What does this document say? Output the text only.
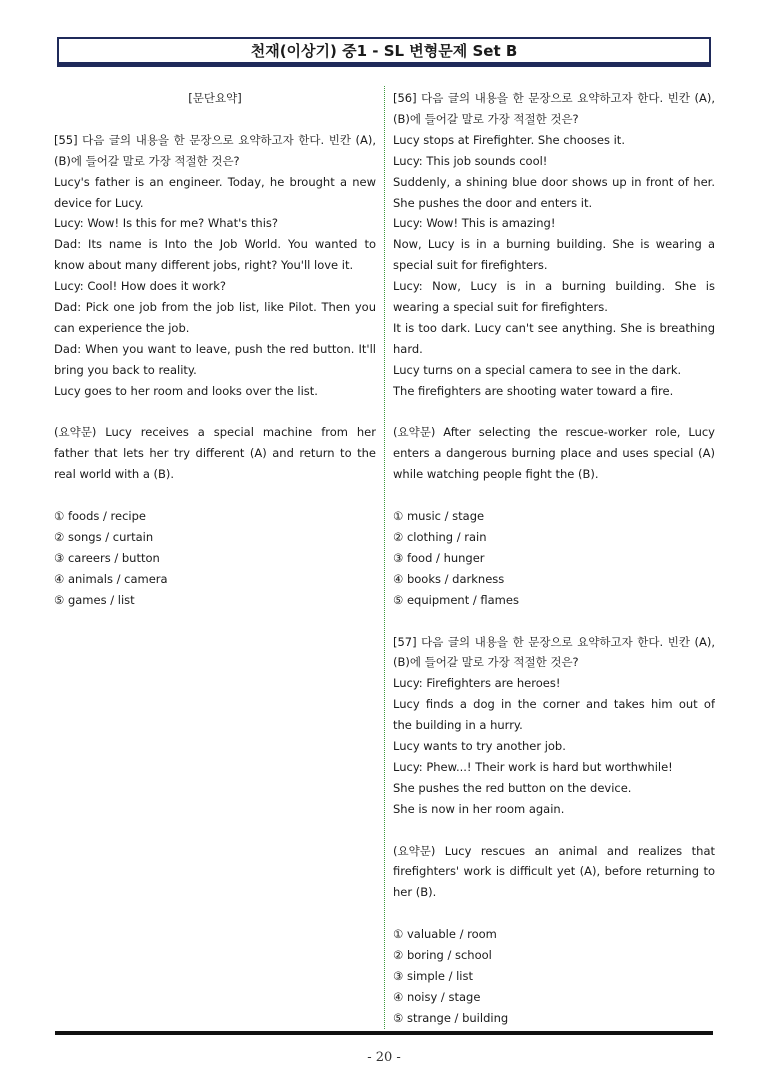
천재(이상기) 중1 - SL 변형문제 Set B
[문단요약]
[55] 다음 글의 내용을 한 문장으로 요약하고자 한다. 빈칸 (A),
(B)에 들어갈 말로 가장 적절한 것은?
Lucy's father is an engineer. Today, he brought a new
device for Lucy.
Lucy: Wow! Is this for me? What's this?
Dad: Its name is Into the Job World. You wanted to
know about many different jobs, right? You'll love it.
Lucy: Cool! How does it work?
Dad: Pick one job from the job list, like Pilot. Then you
can experience the job.
Dad: When you want to leave, push the red button. It'll
bring you back to reality.
Lucy goes to her room and looks over the list.
(요약문) Lucy receives a special machine from her
father that lets her try different (A) and return to the
real world with a (B).
① foods / recipe
② songs / curtain
③ careers / button
④ animals / camera
⑤ games / list
[56] 다음 글의 내용을 한 문장으로 요약하고자 한다. 빈칸 (A),
(B)에 들어갈 말로 가장 적절한 것은?
Lucy stops at Firefighter. She chooses it.
Lucy: This job sounds cool!
Suddenly, a shining blue door shows up in front of her.
She pushes the door and enters it.
Lucy: Wow! This is amazing!
Now, Lucy is in a burning building. She is wearing a
special suit for firefighters.
Lucy: Now, Lucy is in a burning building. She is
wearing a special suit for firefighters.
It is too dark. Lucy can't see anything. She is breathing
hard.
Lucy turns on a special camera to see in the dark.
The firefighters are shooting water toward a fire.
(요약문) After selecting the rescue-worker role, Lucy
enters a dangerous burning place and uses special (A)
while watching people fight the (B).
① music / stage
② clothing / rain
③ food / hunger
④ books / darkness
⑤ equipment / flames
[57] 다음 글의 내용을 한 문장으로 요약하고자 한다. 빈칸 (A),
(B)에 들어갈 말로 가장 적절한 것은?
Lucy: Firefighters are heroes!
Lucy finds a dog in the corner and takes him out of
the building in a hurry.
Lucy wants to try another job.
Lucy: Phew...! Their work is hard but worthwhile!
She pushes the red button on the device.
She is now in her room again.
(요약문) Lucy rescues an animal and realizes that
firefighters' work is difficult yet (A), before returning to
her (B).
① valuable / room
② boring / school
③ simple / list
④ noisy / stage
⑤ strange / building
- 20 -
